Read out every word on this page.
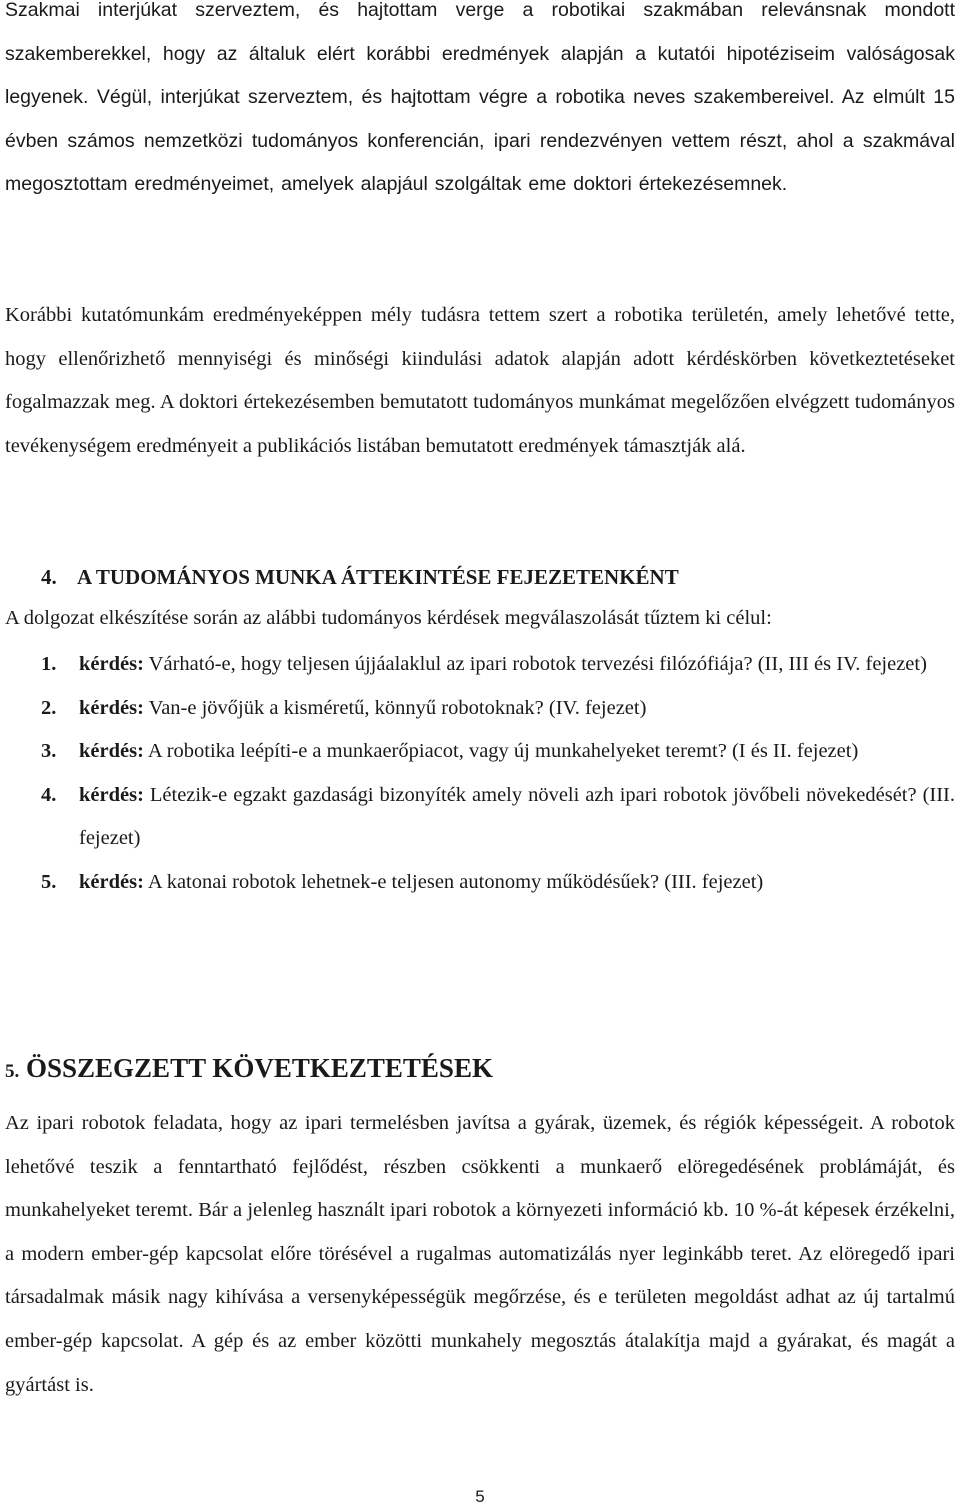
Szakmai interjúkat szerveztem, és hajtottam verge a robotikai szakmában relevánsnak mondott szakemberekkel, hogy az általuk elért korábbi eredmények alapján a kutatói hipotéziseim valóságosak legyenek. Végül, interjúkat szerveztem, és hajtottam végre a robotika neves szakembereivel. Az elmúlt 15 évben számos nemzetközi tudományos konferencián, ipari rendezvényen vettem részt, ahol a szakmával megosztottam eredményeimet, amelyek alapjául szolgáltak eme doktori értekezésemnek.

Korábbi kutatómunkám eredményeképpen mély tudásra tettem szert a robotika területén, amely lehetővé tette, hogy ellenőrizhető mennyiségi és minőségi kiindulási adatok alapján adott kérdéskörben következtetéseket fogalmazzak meg. A doktori értekezésemben bemutatott tudományos munkámat megelőzően elvégzett tudományos tevékenységem eredményeit a publikációs listában bemutatott eredmények támasztják alá.

4. A TUDOMÁNYOS MUNKA ÁTTEKINTÉSE FEJEZETENKÉNT

A dolgozat elkészítése során az alábbi tudományos kérdések megválaszolását tűztem ki célul:

1.	kérdés: Várható-e, hogy teljesen újjáalaklul az ipari robotok tervezési filózófiája? (II, III és IV. fejezet)
2.	kérdés: Van-e jövőjük a kisméretű, könnyű robotoknak? (IV. fejezet)
3.	kérdés: A robotika leépíti-e a munkaerőpiacot, vagy új munkahelyeket teremt? (I és II. fejezet)
4.	kérdés: Létezik-e egzakt gazdasági bizonyíték amely növeli azh ipari robotok jövőbeli növekedését? (III. fejezet)
5.	kérdés: A katonai robotok lehetnek-e teljesen autonomy működésűek? (III. fejezet)
5. ÖSSZEGZETT KÖVETKEZTETÉSEK

Az ipari robotok feladata, hogy az ipari termelésben javítsa a gyárak, üzemek, és régiók képességeit. A robotok lehetővé teszik a fenntartható fejlődést, részben csökkenti a munkaerő elöregedésének problámáját, és munkahelyeket teremt. Bár a jelenleg használt ipari robotok a környezeti információ kb. 10 %-át képesek érzékelni, a modern ember-gép kapcsolat előre törésével a rugalmas automatizálás nyer leginkább teret. Az elöregedő ipari társadalmak másik nagy kihívása a versenyképességük megőrzése, és e területen megoldást adhat az új tartalmú ember-gép kapcsolat. A gép és az ember közötti munkahely megosztás átalakítja majd a gyárakat, és magát a gyártást is.

5
